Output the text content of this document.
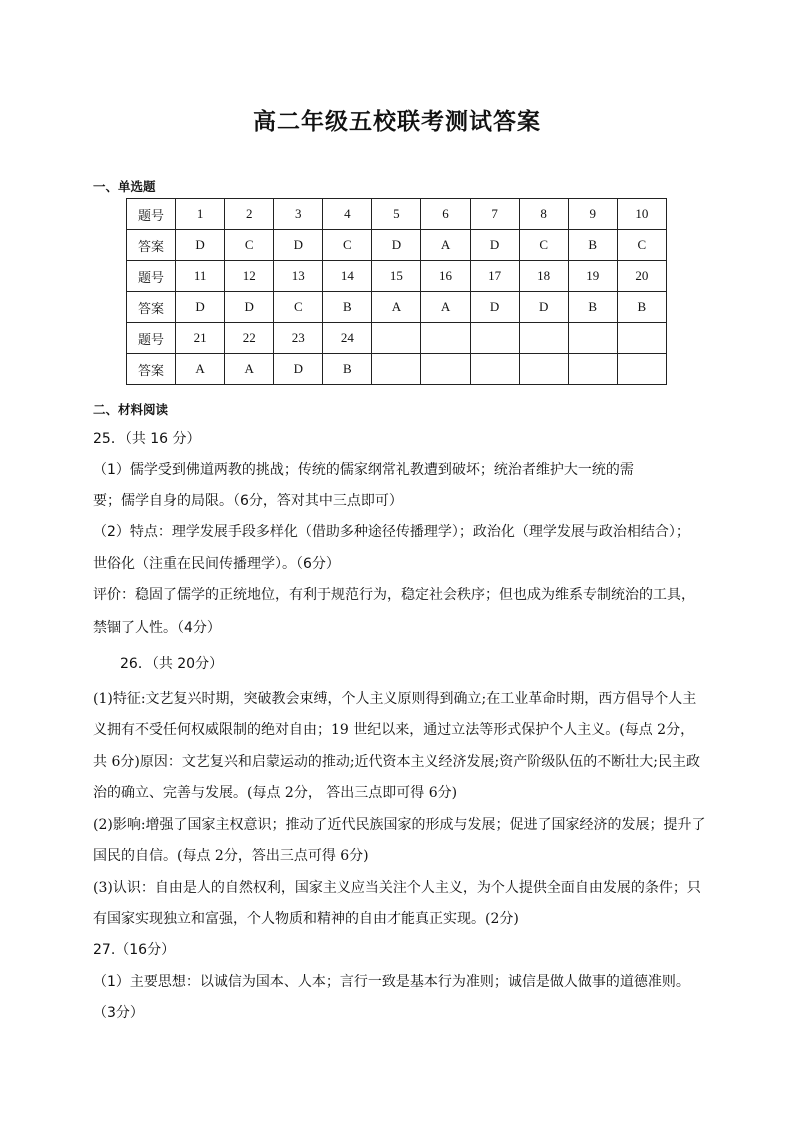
高二年级五校联考测试答案
一、单选题
题号	1	2	3	4	5	6	7	8	9	10
答案	D	C	D	C	D	A	D	C	B	C
题号	11	12	13	14	15	16	17	18	19	20
答案	D	D	C	B	A	A	D	D	B	B
题号	21	22	23	24						
答案	A	A	D	B						
二、材料阅读
25．（共 16 分）
（1）儒学受到佛道两教的挑战；传统的儒家纲常礼教遭到破坏；统治者维护大一统的需
要；儒学自身的局限。（6分，答对其中三点即可）
（2）特点：理学发展手段多样化（借助多种途径传播理学）；政治化（理学发展与政治相结合）；
世俗化（注重在民间传播理学）。（6分）
评价：稳固了儒学的正统地位，有利于规范行为，稳定社会秩序；但也成为维系专制统治的工具，
禁锢了人性。（4分）
26．（共 20分）
(1)特征:文艺复兴时期，突破教会束缚，个人主义原则得到确立;在工业革命时期，西方倡导个人主
义拥有不受任何权威限制的绝对自由；19 世纪以来，通过立法等形式保护个人主义。(每点 2分，
共 6分)原因：文艺复兴和启蒙运动的推动;近代资本主义经济发展;资产阶级队伍的不断壮大;民主政
治的确立、完善与发展。(每点 2分， 答出三点即可得 6分)
(2)影响:增强了国家主权意识；推动了近代民族国家的形成与发展；促进了国家经济的发展；提升了
国民的自信。(每点 2分，答出三点可得 6分)
(3)认识：自由是人的自然权利，国家主义应当关注个人主义，为个人提供全面自由发展的条件；只
有国家实现独立和富强，个人物质和精神的自由才能真正实现。(2分)
27.（16分）
（1）主要思想：以诚信为国本、人本；言行一致是基本行为准则；诚信是做人做事的道德准则。
（3分）
